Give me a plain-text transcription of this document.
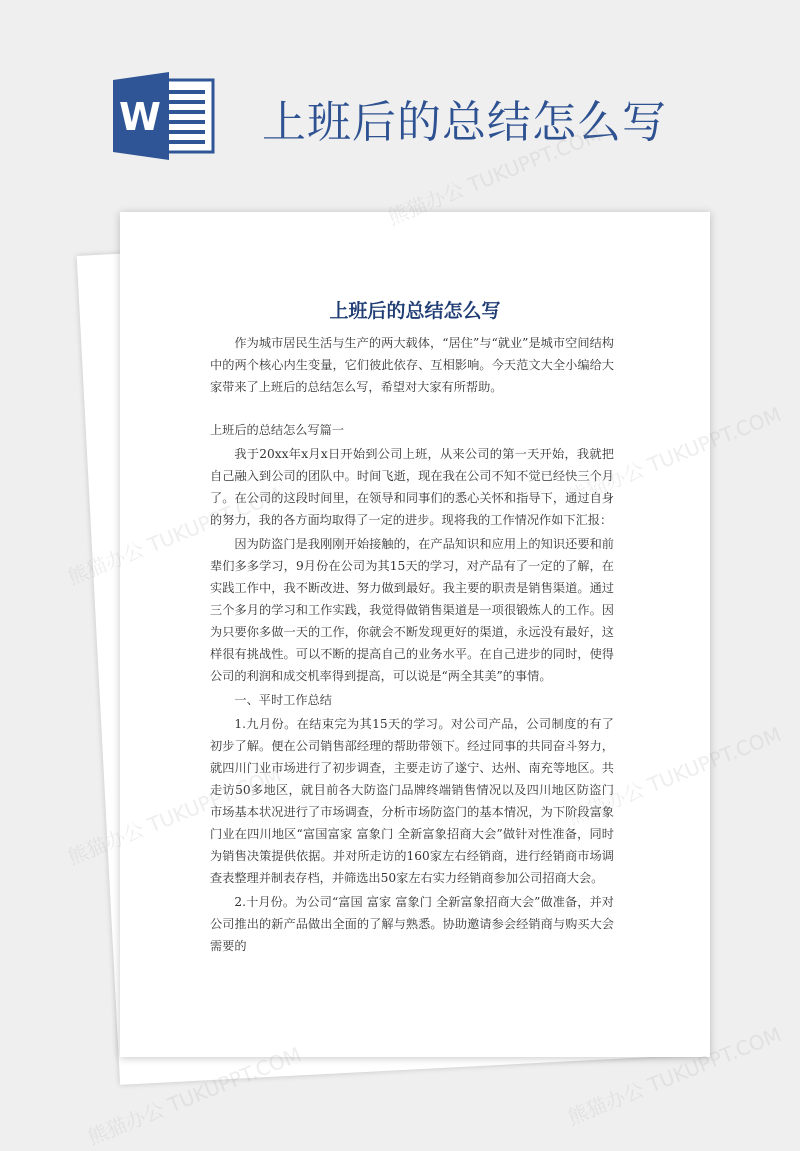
W 上班后的总结怎么写
上班后的总结怎么写

作为城市居民生活与生产的两大载体，“居住”与“就业”是城市空间结构中的两个核心内生变量，它们彼此依存、互相影响。今天范文大全小编给大家带来了上班后的总结怎么写，希望对大家有所帮助。

上班后的总结怎么写篇一

我于20xx年x月x日开始到公司上班，从来公司的第一天开始，我就把自己融入到公司的团队中。时间飞逝，现在我在公司不知不觉已经快三个月了。在公司的这段时间里，在领导和同事们的悉心关怀和指导下，通过自身的努力，我的各方面均取得了一定的进步。现将我的工作情况作如下汇报：

因为防盗门是我刚刚开始接触的，在产品知识和应用上的知识还要和前辈们多多学习，9月份在公司为其15天的学习，对产品有了一定的了解，在实践工作中，我不断改进、努力做到最好。我主要的职责是销售渠道。通过三个多月的学习和工作实践，我觉得做销售渠道是一项很锻炼人的工作。因为只要你多做一天的工作，你就会不断发现更好的渠道，永远没有最好，这样很有挑战性。可以不断的提高自己的业务水平。在自己进步的同时，使得公司的利润和成交机率得到提高，可以说是“两全其美”的事情。

一、平时工作总结

1.九月份。在结束完为其15天的学习。对公司产品，公司制度的有了初步了解。便在公司销售部经理的帮助带领下。经过同事的共同奋斗努力，就四川门业市场进行了初步调查，主要走访了遂宁、达州、南充等地区。共走访50多地区，就目前各大防盗门品牌终端销售情况以及四川地区防盗门市场基本状况进行了市场调查，分析市场防盗门的基本情况，为下阶段富象门业在四川地区“富国富家 富象门 全新富象招商大会”做针对性准备，同时为销售决策提供依据。并对所走访的160家左右经销商，进行经销商市场调查表整理并制表存档，并筛选出50家左右实力经销商参加公司招商大会。

2.十月份。为公司“富国 富家 富象门 全新富象招商大会”做准备，并对公司推出的新产品做出全面的了解与熟悉。协助邀请参会经销商与购买大会需要的

熊猫办公 TUKUPPT.COM
TUKUPPT.COM
TUKUPPT.COM
熊猫办公
熊猫办公 TUKUPPT.COM	熊猫办公 TUKUPPT.COM
